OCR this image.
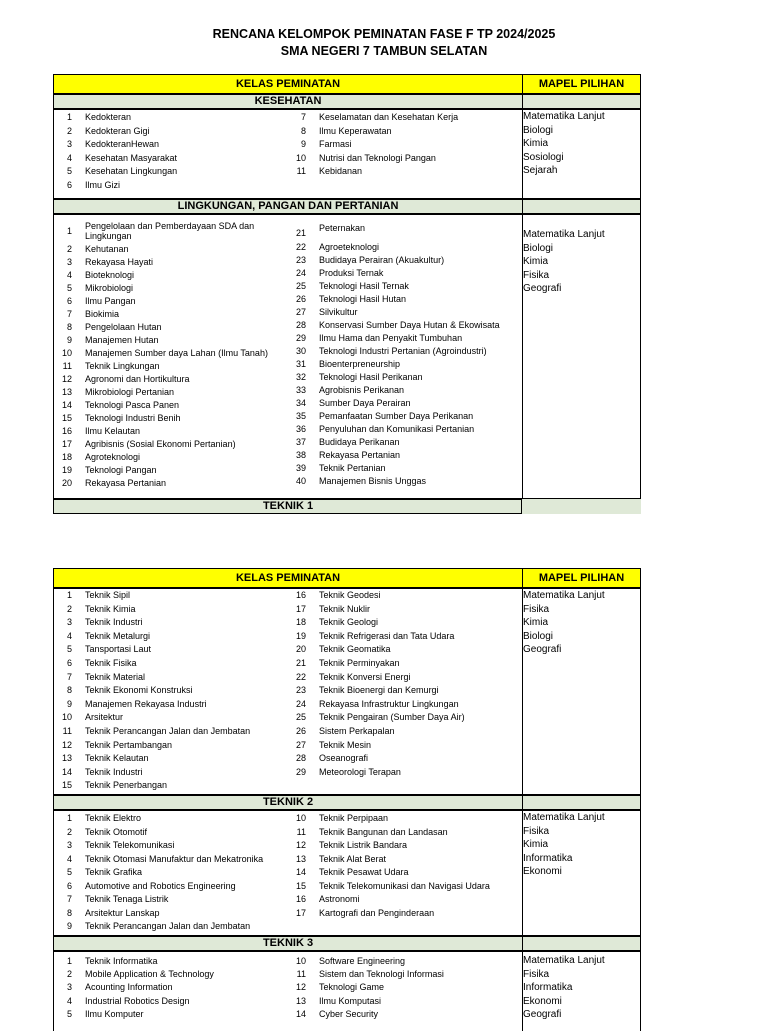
RENCANA KELOMPOK PEMINATAN FASE F TP 2024/2025
SMA NEGERI 7 TAMBUN SELATAN
KELAS PEMINATAN	MAPEL PILIHAN
KESEHATAN
1 Kedokteran
2 Kedokteran Gigi
3 KedokteranHewan
4 Kesehatan Masyarakat
5 Kesehatan Lingkungan
6 Ilmu Gizi
7 Keselamatan dan Kesehatan Kerja
8 Ilmu Keperawatan
9 Farmasi
10 Nutrisi dan Teknologi Pangan
11 Kebidanan
Matematika Lanjut
Biologi
Kimia
Sosiologi
Sejarah
LINGKUNGAN, PANGAN DAN PERTANIAN
1 Pengelolaan dan Pemberdayaan SDA dan Lingkungan
2 Kehutanan
3 Rekayasa Hayati
4 Bioteknologi
5 Mikrobiologi
6 Ilmu Pangan
7 Biokimia
8 Pengelolaan Hutan
9 Manajemen Hutan
10 Manajemen Sumber daya Lahan (Ilmu Tanah)
11 Teknik Lingkungan
12 Agronomi dan Hortikultura
13 Mikrobiologi Pertanian
14 Teknologi Pasca Panen
15 Teknologi Industri Benih
16 Ilmu Kelautan
17 Agribisnis (Sosial Ekonomi Pertanian)
18 Agroteknologi
19 Teknologi Pangan
20 Rekayasa Pertanian
21 Peternakan
22 Agroeteknologi
23 Budidaya Perairan (Akuakultur)
24 Produksi Ternak
25 Teknologi Hasil Ternak
26 Teknologi Hasil Hutan
27 Silvikultur
28 Konservasi Sumber Daya Hutan & Ekowisata
29 Ilmu Hama dan Penyakit Tumbuhan
30 Teknologi Industri Pertanian (Agroindustri)
31 Bioenterpreneurship
32 Teknologi Hasil Perikanan
33 Agrobisnis Perikanan
34 Sumber Daya Perairan
35 Pemanfaatan Sumber Daya Perikanan
36 Penyuluhan dan Komunikasi Pertanian
37 Budidaya Perikanan
38 Rekayasa Pertanian
39 Teknik Pertanian
40 Manajemen Bisnis Unggas
Matematika Lanjut
Biologi
Kimia
Fisika
Geografi
TEKNIK 1
KELAS PEMINATAN	MAPEL PILIHAN
1 Teknik Sipil
2 Teknik Kimia
3 Teknik Industri
4 Teknik Metalurgi
5 Tansportasi Laut
6 Teknik Fisika
7 Teknik Material
8 Teknik Ekonomi Konstruksi
9 Manajemen Rekayasa Industri
10 Arsitektur
11 Teknik Perancangan Jalan dan Jembatan
12 Teknik Pertambangan
13 Teknik Kelautan
14 Teknik Industri
15 Teknik Penerbangan
16 Teknik Geodesi
17 Teknik Nuklir
18 Teknik Geologi
19 Teknik Refrigerasi dan Tata Udara
20 Teknik Geomatika
21 Teknik Perminyakan
22 Teknik Konversi Energi
23 Teknik Bioenergi dan Kemurgi
24 Rekayasa Infrastruktur Lingkungan
25 Teknik Pengairan (Sumber Daya Air)
26 Sistem Perkapalan
27 Teknik Mesin
28 Oseanografi
29 Meteorologi Terapan
Matematika Lanjut
Fisika
Kimia
Biologi
Geografi
TEKNIK 2
1 Teknik Elektro
2 Teknik Otomotif
3 Teknik Telekomunikasi
4 Teknik Otomasi Manufaktur dan Mekatronika
5 Teknik Grafika
6 Automotive and Robotics Engineering
7 Teknik Tenaga Listrik
8 Arsitektur Lanskap
9 Teknik Perancangan Jalan dan Jembatan
10 Teknik Perpipaan
11 Teknik Bangunan dan Landasan
12 Teknik Listrik Bandara
13 Teknik Alat Berat
14 Teknik Pesawat Udara
15 Teknik Telekomunikasi dan Navigasi Udara
16 Astronomi
17 Kartografi dan Penginderaan
Matematika Lanjut
Fisika
Kimia
Informatika
Ekonomi
TEKNIK 3
1 Teknik Informatika
2 Mobile Application & Technology
3 Acounting Information
4 Industrial Robotics Design
5 Ilmu Komputer
10 Software Engineering
11 Sistem dan Teknologi Informasi
12 Teknologi Game
13 Ilmu Komputasi
14 Cyber Security
Matematika Lanjut
Fisika
Informatika
Ekonomi
Geografi
